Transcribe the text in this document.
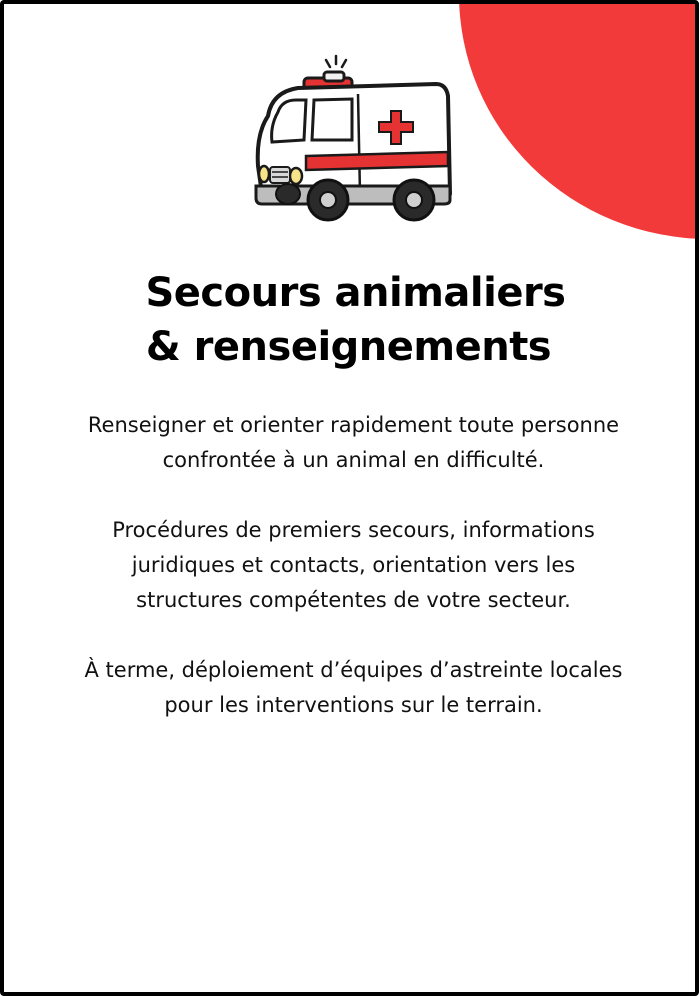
Secours animaliers
& renseignements

Renseigner et orienter rapidement toute personne confrontée à un animal en difficulté.

Procédures de premiers secours, informations juridiques et contacts, orientation vers les structures compétentes de votre secteur.

À terme, déploiement d’équipes d’astreinte locales pour les interventions sur le terrain.
